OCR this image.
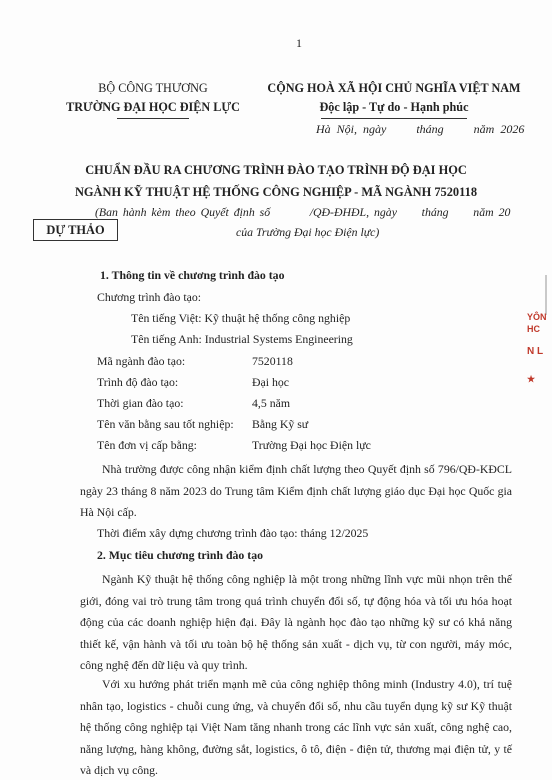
1
BỘ CÔNG THƯƠNG
TRƯỜNG ĐẠI HỌC ĐIỆN LỰC
CỘNG HOÀ XÃ HỘI CHỦ NGHĨA VIỆT NAM
Độc lập - Tự do - Hạnh phúc
Hà Nội, ngày     tháng     năm 2026
CHUẨN ĐẦU RA CHƯƠNG TRÌNH ĐÀO TẠO TRÌNH ĐỘ ĐẠI HỌC
NGÀNH KỸ THUẬT HỆ THỐNG CÔNG NGHIỆP - MÃ NGÀNH 7520118
DỰ THẢO
(Ban hành kèm theo Quyết định số        /QĐ-ĐHĐL, ngày     tháng     năm 20
của Trường Đại học Điện lực)
1. Thông tin về chương trình đào tạo
Chương trình đào tạo:
Tên tiếng Việt: Kỹ thuật hệ thống công nghiệp
Tên tiếng Anh: Industrial Systems Engineering
Mã ngành đào tạo:	7520118
Trình độ đào tạo:	Đại học
Thời gian đào tạo:	4,5 năm
Tên văn bằng sau tốt nghiệp: Bằng Kỹ sư
Tên đơn vị cấp bằng:	Trường Đại học Điện lực
Nhà trường được công nhận kiểm định chất lượng theo Quyết định số 796/QĐ-KĐCL ngày 23 tháng 8 năm 2023 do Trung tâm Kiểm định chất lượng giáo dục Đại học Quốc gia Hà Nội cấp.
Thời điểm xây dựng chương trình đào tạo: tháng 12/2025
2. Mục tiêu chương trình đào tạo
Ngành Kỹ thuật hệ thống công nghiệp là một trong những lĩnh vực mũi nhọn trên thế giới, đóng vai trò trung tâm trong quá trình chuyển đổi số, tự động hóa và tối ưu hóa hoạt động của các doanh nghiệp hiện đại. Đây là ngành học đào tạo những kỹ sư có khả năng thiết kế, vận hành và tối ưu toàn bộ hệ thống sản xuất - dịch vụ, từ con người, máy móc, công nghệ đến dữ liệu và quy trình.
Với xu hướng phát triển mạnh mẽ của công nghiệp thông minh (Industry 4.0), trí tuệ nhân tạo, logistics - chuỗi cung ứng, và chuyển đổi số, nhu cầu tuyển dụng kỹ sư Kỹ thuật hệ thống công nghiệp tại Việt Nam tăng nhanh trong các lĩnh vực sản xuất, công nghệ cao, năng lượng, hàng không, đường sắt, logistics, ô tô, điện - điện tử, thương mại điện tử, y tế và dịch vụ công.
YÔN
HC
N L
★
